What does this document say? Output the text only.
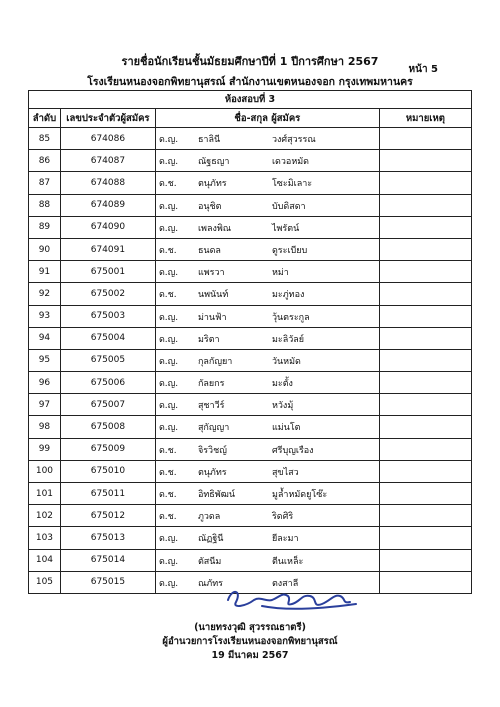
รายชื่อนักเรียนชั้นมัธยมศึกษาปีที่ 1 ปีการศึกษา 2567
หน้า 5
โรงเรียนหนองจอกพิทยานุสรณ์ สำนักงานเขตหนองจอก กรุงเทพมหานคร
ห้องสอบที่ 3			
ลำดับ	เลขประจำตัวผู้สมัคร	ชื่อ-สกุล ผู้สมัคร	หมายเหตุ
85	674086	ด.ญ. ธาลินี วงศ์สุวรรณ	

86	674087	ด.ญ. ณัฐธญา เดวอหมัด	

87	674088	ด.ช. ตนุภัทร โซะมิเลาะ	

88	674089	ด.ญ. อนุชิต บับดิสดา	

89	674090	ด.ญ. เพลงพิณ ไพรัตน์	

90	674091	ด.ช. ธนดล ดูระเบียบ	

91	675001	ด.ญ. แพรวา หม่า	

92	675002	ด.ช. นพนันท์ มะภู่ทอง	

93	675003	ด.ญ. ม่านฟ้า วุ้นตระกูล	

94	675004	ด.ญ. มริตา มะลิวัลย์	

95	675005	ด.ญ. กุลกัญยา วันหมัด	

96	675006	ด.ญ. กัลยกร มะตั้ง	

97	675007	ด.ญ. สุชาวีร์ หวังมุ้	

98	675008	ด.ญ. สุกัญญา แม่นโต	

99	675009	ด.ช. จิรวิชญ์ ศรีบุญเรือง	

100	675010	ด.ช. ตนุภัทร สุขไสว	

101	675011	ด.ช. อิทธิพัฒน์ มูล้ำหมัดยูโซ๊ะ	

102	675012	ด.ช. ภูวดล ริดศิริ	

103	675013	ด.ญ. ณัฏฐินี ยีละมา	

104	675014	ด.ญ. ตัสนีม ตีนเหล็ะ	

105	675015	ด.ญ. ณภัทร ตงสาลี	

(นายทรงวุฒิ สุวรรณธาตรี)
ผู้อำนวยการโรงเรียนหนองจอกพิทยานุสรณ์
19 มีนาคม 2567
